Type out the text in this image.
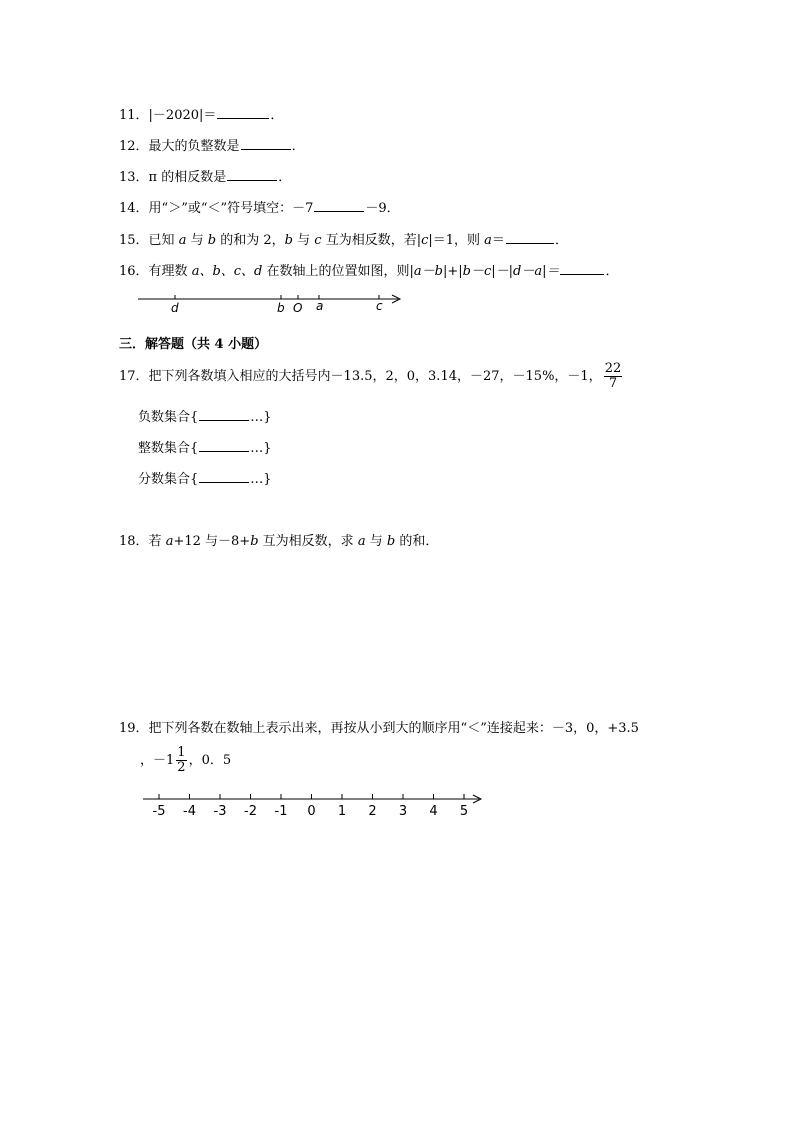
11．|－2020|＝	．
12．最大的负整数是	．
13．π 的相反数是	．
14．用“＞”或“＜”符号填空：－7	－9．
15．已知 a 与 b 的和为 2，b 与 c 互为相反数，若|c|＝1，则 a＝	．
16．有理数 a、b、c、d 在数轴上的位置如图，则|a－b|+|b－c|－|d－a|＝	．
d	b O a	c
三．解答题（共 4 小题）
17．把下列各数填入相应的大括号内－13.5，2，0，3.14，－27，－15%，－1， $\frac{22}{7}$
负数集合{	…}
整数集合{	…}
分数集合{	…}
18．若 a+12 与－8+b 互为相反数，求 a 与 b 的和．
19．把下列各数在数轴上表示出来，再按从小到大的顺序用“＜”连接起来：－3，0，+3.5
，$-1 \frac{1}{2}$ ，0．5
-5 -4 -3 -2 -1 0 1 2 3 4 5
